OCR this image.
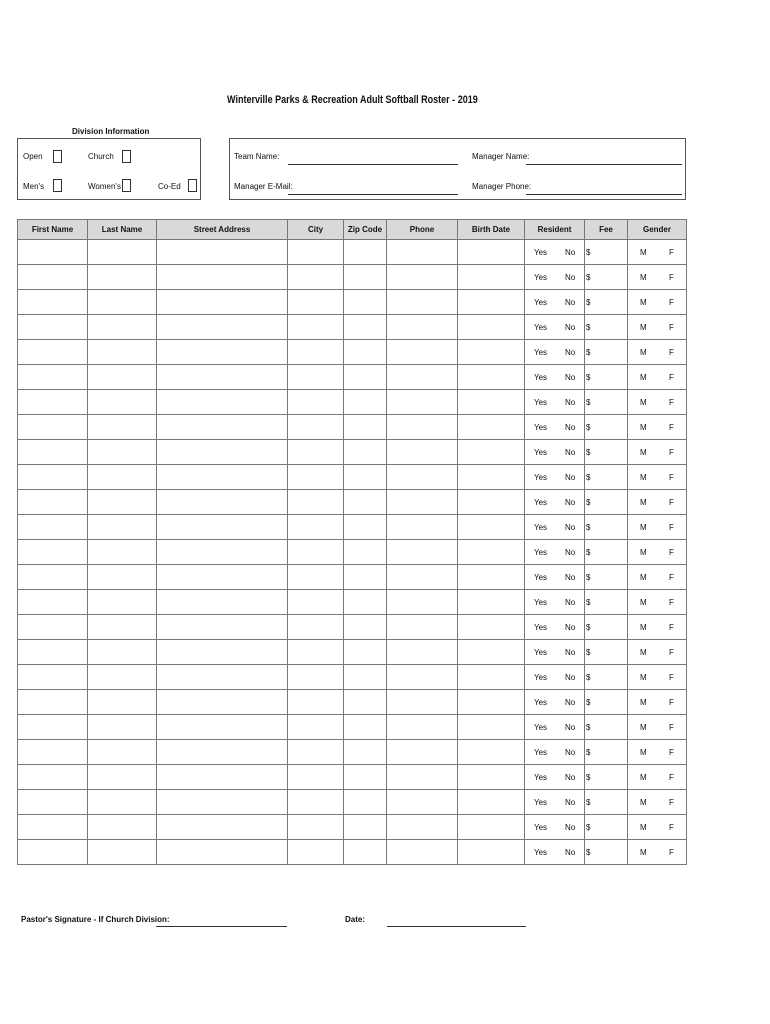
Winterville Parks & Recreation Adult Softball Roster - 2019
Division Information
Open	Church
Men's	Women's	Co-Ed
Team Name:	Manager Name:
Manager E-Mail:	Manager Phone:
First Name	Last Name	Street Address	City	Zip Code	Phone	Birth Date	Resident	Fee	Gender

							Yes No	$	M F

							Yes No	$	M F

							Yes No	$	M F

							Yes No	$	M F

							Yes No	$	M F

							Yes No	$	M F

							Yes No	$	M F

							Yes No	$	M F

							Yes No	$	M F

							Yes No	$	M F

							Yes No	$	M F

							Yes No	$	M F

							Yes No	$	M F

							Yes No	$	M F

							Yes No	$	M F

							Yes No	$	M F

							Yes No	$	M F

							Yes No	$	M F

							Yes No	$	M F

							Yes No	$	M F

							Yes No	$	M F

							Yes No	$	M F

							Yes No	$	M F

							Yes No	$	M F

							Yes No	$	M F
Pastor's Signature - If Church Division:	Date:
